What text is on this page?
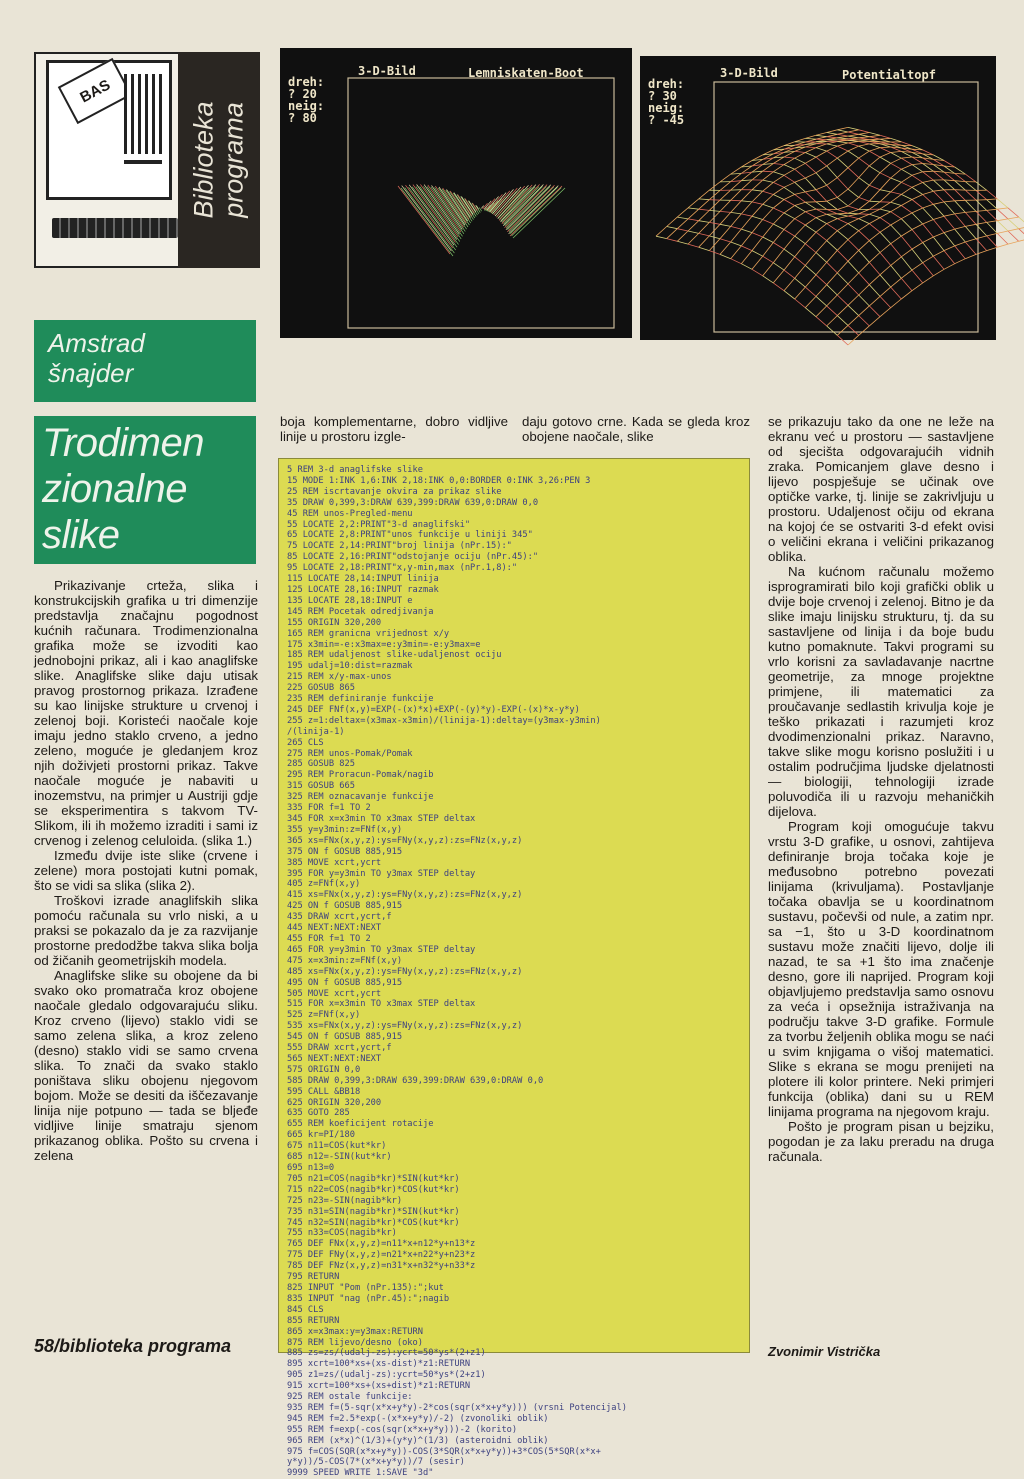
BAS
Biblioteka
programa
3-D-Bild	Lemniskaten-Boot
dreh:
? 20
neig:
? 80
3-D-Bild	Potentialtopf
dreh:
? 30
neig:
? -45
Amstrad
šnajder
Trodimen
zionalne
slike

Prikazivanje crteža, slika i konstrukcijskih grafika u tri dimenzije predstavlja značajnu pogodnost kućnih računara. Trodimenzionalna grafika može se izvoditi kao jednobojni prikaz, ali i kao anaglifske slike. Anaglifske slike daju utisak pravog prostornog prikaza. Izrađene su kao linijske strukture u crvenoj i zelenoj boji. Koristeći naočale koje imaju jedno staklo crveno, a jedno zeleno, moguće je gledanjem kroz njih doživjeti prostorni prikaz. Takve naočale moguće je nabaviti u inozemstvu, na primjer u Austriji gdje se eksperimentira s takvom TV-Slikom, ili ih možemo izraditi i sami iz crvenog i zelenog celuloida. (slika 1.)

Između dvije iste slike (crvene i zelene) mora postojati kutni pomak, što se vidi sa slika (slika 2).

Troškovi izrade anaglifskih slika pomoću računala su vrlo niski, a u praksi se pokazalo da je za razvijanje prostorne predodžbe takva slika bolja od žičanih geometrijskih modela.

Anaglifske slike su obojene da bi svako oko promatrača kroz obojene naočale gledalo odgovarajuću sliku. Kroz crveno (lijevo) staklo vidi se samo zelena slika, a kroz zeleno (desno) staklo vidi se samo crvena slika. To znači da svako staklo poništava sliku obojenu njegovom bojom. Može se desiti da iščezavanje linija nije potpuno — tada se bljeđe vidljive linije smatraju sjenom prikazanog oblika. Pošto su crvena i zelena

boja komplementarne, dobro vidljive linije u prostoru izgle-

daju gotovo crne. Kada se gleda kroz obojene naočale, slike

5 REM 3-d anaglifske slike
15 MODE 1:INK 1,6:INK 2,18:INK 0,0:BORDER 0:INK 3,26:PEN 3
25 REM iscrtavanje okvira za prikaz slike
35 DRAW 0,399,3:DRAW 639,399:DRAW 639,0:DRAW 0,0
45 REM unos-Pregled-menu
55 LOCATE 2,2:PRINT"3-d anaglifski"
65 LOCATE 2,8:PRINT"unos funkcije u liniji 345"
75 LOCATE 2,14:PRINT"broj linija (nPr.15):"
85 LOCATE 2,16:PRINT"odstojanje ociju (nPr.45):"
95 LOCATE 2,18:PRINT"x,y-min,max (nPr.1,8):"
115 LOCATE 28,14:INPUT linija
125 LOCATE 28,16:INPUT razmak
135 LOCATE 28,18:INPUT e
145 REM Pocetak odredjivanja
155 ORIGIN 320,200
165 REM granicna vrijednost x/y
175 x3min=-e:x3max=e:y3min=-e:y3max=e
185 REM udaljenost slike-udaljenost ociju
195 udalj=10:dist=razmak
215 REM x/y-max-unos
225 GOSUB 865
235 REM definiranje funkcije
245 DEF FNf(x,y)=EXP(-(x)*x)+EXP(-(y)*y)-EXP(-(x)*x-y*y)
255 z=1:deltax=(x3max-x3min)/(linija-1):deltay=(y3max-y3min)
/(linija-1)
265 CLS
275 REM unos-Pomak/Pomak
285 GOSUB 825
295 REM Proracun-Pomak/nagib
315 GOSUB 665
325 REM oznacavanje funkcije
335 FOR f=1 TO 2
345 FOR x=x3min TO x3max STEP deltax
355 y=y3min:z=FNf(x,y)
365 xs=FNx(x,y,z):ys=FNy(x,y,z):zs=FNz(x,y,z)
375 ON f GOSUB 885,915
385 MOVE xcrt,ycrt
395 FOR y=y3min TO y3max STEP deltay
405 z=FNf(x,y)
415 xs=FNx(x,y,z):ys=FNy(x,y,z):zs=FNz(x,y,z)
425 ON f GOSUB 885,915
435 DRAW xcrt,ycrt,f
445 NEXT:NEXT:NEXT
455 FOR f=1 TO 2
465 FOR y=y3min TO y3max STEP deltay
475 x=x3min:z=FNf(x,y)
485 xs=FNx(x,y,z):ys=FNy(x,y,z):zs=FNz(x,y,z)
495 ON f GOSUB 885,915
505 MOVE xcrt,ycrt
515 FOR x=x3min TO x3max STEP deltax
525 z=FNf(x,y)
535 xs=FNx(x,y,z):ys=FNy(x,y,z):zs=FNz(x,y,z)
545 ON f GOSUB 885,915
555 DRAW xcrt,ycrt,f
565 NEXT:NEXT:NEXT
575 ORIGIN 0,0
585 DRAW 0,399,3:DRAW 639,399:DRAW 639,0:DRAW 0,0
595 CALL &BB18
625 ORIGIN 320,200
635 GOTO 285
655 REM koeficijent rotacije
665 kr=PI/180
675 n11=COS(kut*kr)
685 n12=-SIN(kut*kr)
695 n13=0
705 n21=COS(nagib*kr)*SIN(kut*kr)
715 n22=COS(nagib*kr)*COS(kut*kr)
725 n23=-SIN(nagib*kr)
735 n31=SIN(nagib*kr)*SIN(kut*kr)
745 n32=SIN(nagib*kr)*COS(kut*kr)
755 n33=COS(nagib*kr)
765 DEF FNx(x,y,z)=n11*x+n12*y+n13*z
775 DEF FNy(x,y,z)=n21*x+n22*y+n23*z
785 DEF FNz(x,y,z)=n31*x+n32*y+n33*z
795 RETURN
825 INPUT "Pom (nPr.135):";kut
835 INPUT "nag (nPr.45):";nagib
845 CLS
855 RETURN
865 x=x3max:y=y3max:RETURN
875 REM lijevo/desno (oko)
885 zs=zs/(udalj-zs):ycrt=50*ys*(2+z1)
895 xcrt=100*xs+(xs-dist)*z1:RETURN
905 z1=zs/(udalj-zs):ycrt=50*ys*(2+z1)
915 xcrt=100*xs+(xs+dist)*z1:RETURN
925 REM ostale funkcije:
935 REM f=(5-sqr(x*x+y*y)-2*cos(sqr(x*x+y*y))) (vrsni Potencijal)
945 REM f=2.5*exp(-(x*x+y*y)/-2) (zvonoliki oblik)
955 REM f=exp(-cos(sqr(x*x+y*y)))-2 (korito)
965 REM (x*x)^(1/3)+(y*y)^(1/3) (asteroidni oblik)
975 f=COS(SQR(x*x+y*y))-COS(3*SQR(x*x+y*y))+3*COS(5*SQR(x*x+
y*y))/5-COS(7*(x*x+y*y))/7 (sesir)
9999 SPEED WRITE 1:SAVE "3d"

se prikazuju tako da one ne leže na ekranu već u prostoru — sastavljene od sjecišta odgovarajućih vidnih zraka. Pomicanjem glave desno i lijevo pospješuje se učinak ove optičke varke, tj. linije se zakrivljuju u prostoru. Udaljenost očiju od ekrana na kojoj će se ostvariti 3-d efekt ovisi o veličini ekrana i veličini prikazanog oblika.

Na kućnom računalu možemo isprogramirati bilo koji grafički oblik u dvije boje crvenoj i zelenoj. Bitno je da slike imaju linijsku strukturu, tj. da su sastavljene od linija i da boje budu kutno pomaknute. Takvi programi su vrlo korisni za savladavanje nacrtne geometrije, za mnoge projektne primjene, ili matematici za proučavanje sedlastih krivulja koje je teško prikazati i razumjeti kroz dvodimenzionalni prikaz. Naravno, takve slike mogu korisno poslužiti i u ostalim područjima ljudske djelatnosti — biologiji, tehnologiji izrade poluvodiča ili u razvoju mehaničkih dijelova.

Program koji omogućuje takvu vrstu 3-D grafike, u osnovi, zahtijeva definiranje broja točaka koje je međusobno potrebno povezati linijama (krivuljama). Postavljanje točaka obavlja se u koordinatnom sustavu, počevši od nule, a zatim npr. sa −1, što u 3-D koordinatnom sustavu može značiti lijevo, dolje ili nazad, te sa +1 što ima značenje desno, gore ili naprijed. Program koji objavljujemo predstavlja samo osnovu za veća i opsežnija istraživanja na području takve 3-D grafike. Formule za tvorbu željenih oblika mogu se naći u svim knjigama o višoj matematici. Slike s ekrana se mogu prenijeti na plotere ili kolor printere. Neki primjeri funkcija (oblika) dani su u REM linijama programa na njegovom kraju.

Pošto je program pisan u bejziku, pogodan je za laku preradu na druga računala.

58/biblioteka programa	Zvonimir Vistrička
